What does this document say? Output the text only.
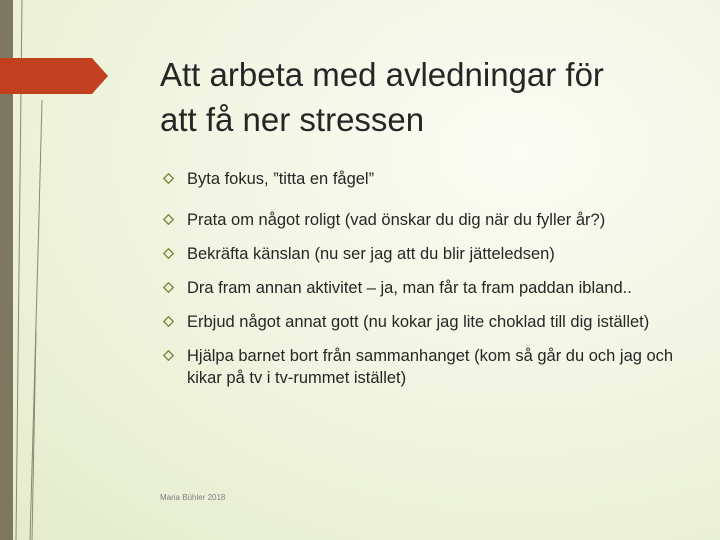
Att arbeta med avledningar för
att få ner stressen
Byta fokus, ”titta en fågel”
Prata om något roligt (vad önskar du dig när du fyller år?)
Bekräfta känslan (nu ser jag att du blir jätteledsen)
Dra fram annan aktivitet – ja, man får ta fram paddan ibland..
Erbjud något annat gott (nu kokar jag lite choklad till dig istället)
Hjälpa barnet bort från sammanhanget (kom så går du och jag och kikar på tv i tv-rummet istället)
Maria Bühler 2018
